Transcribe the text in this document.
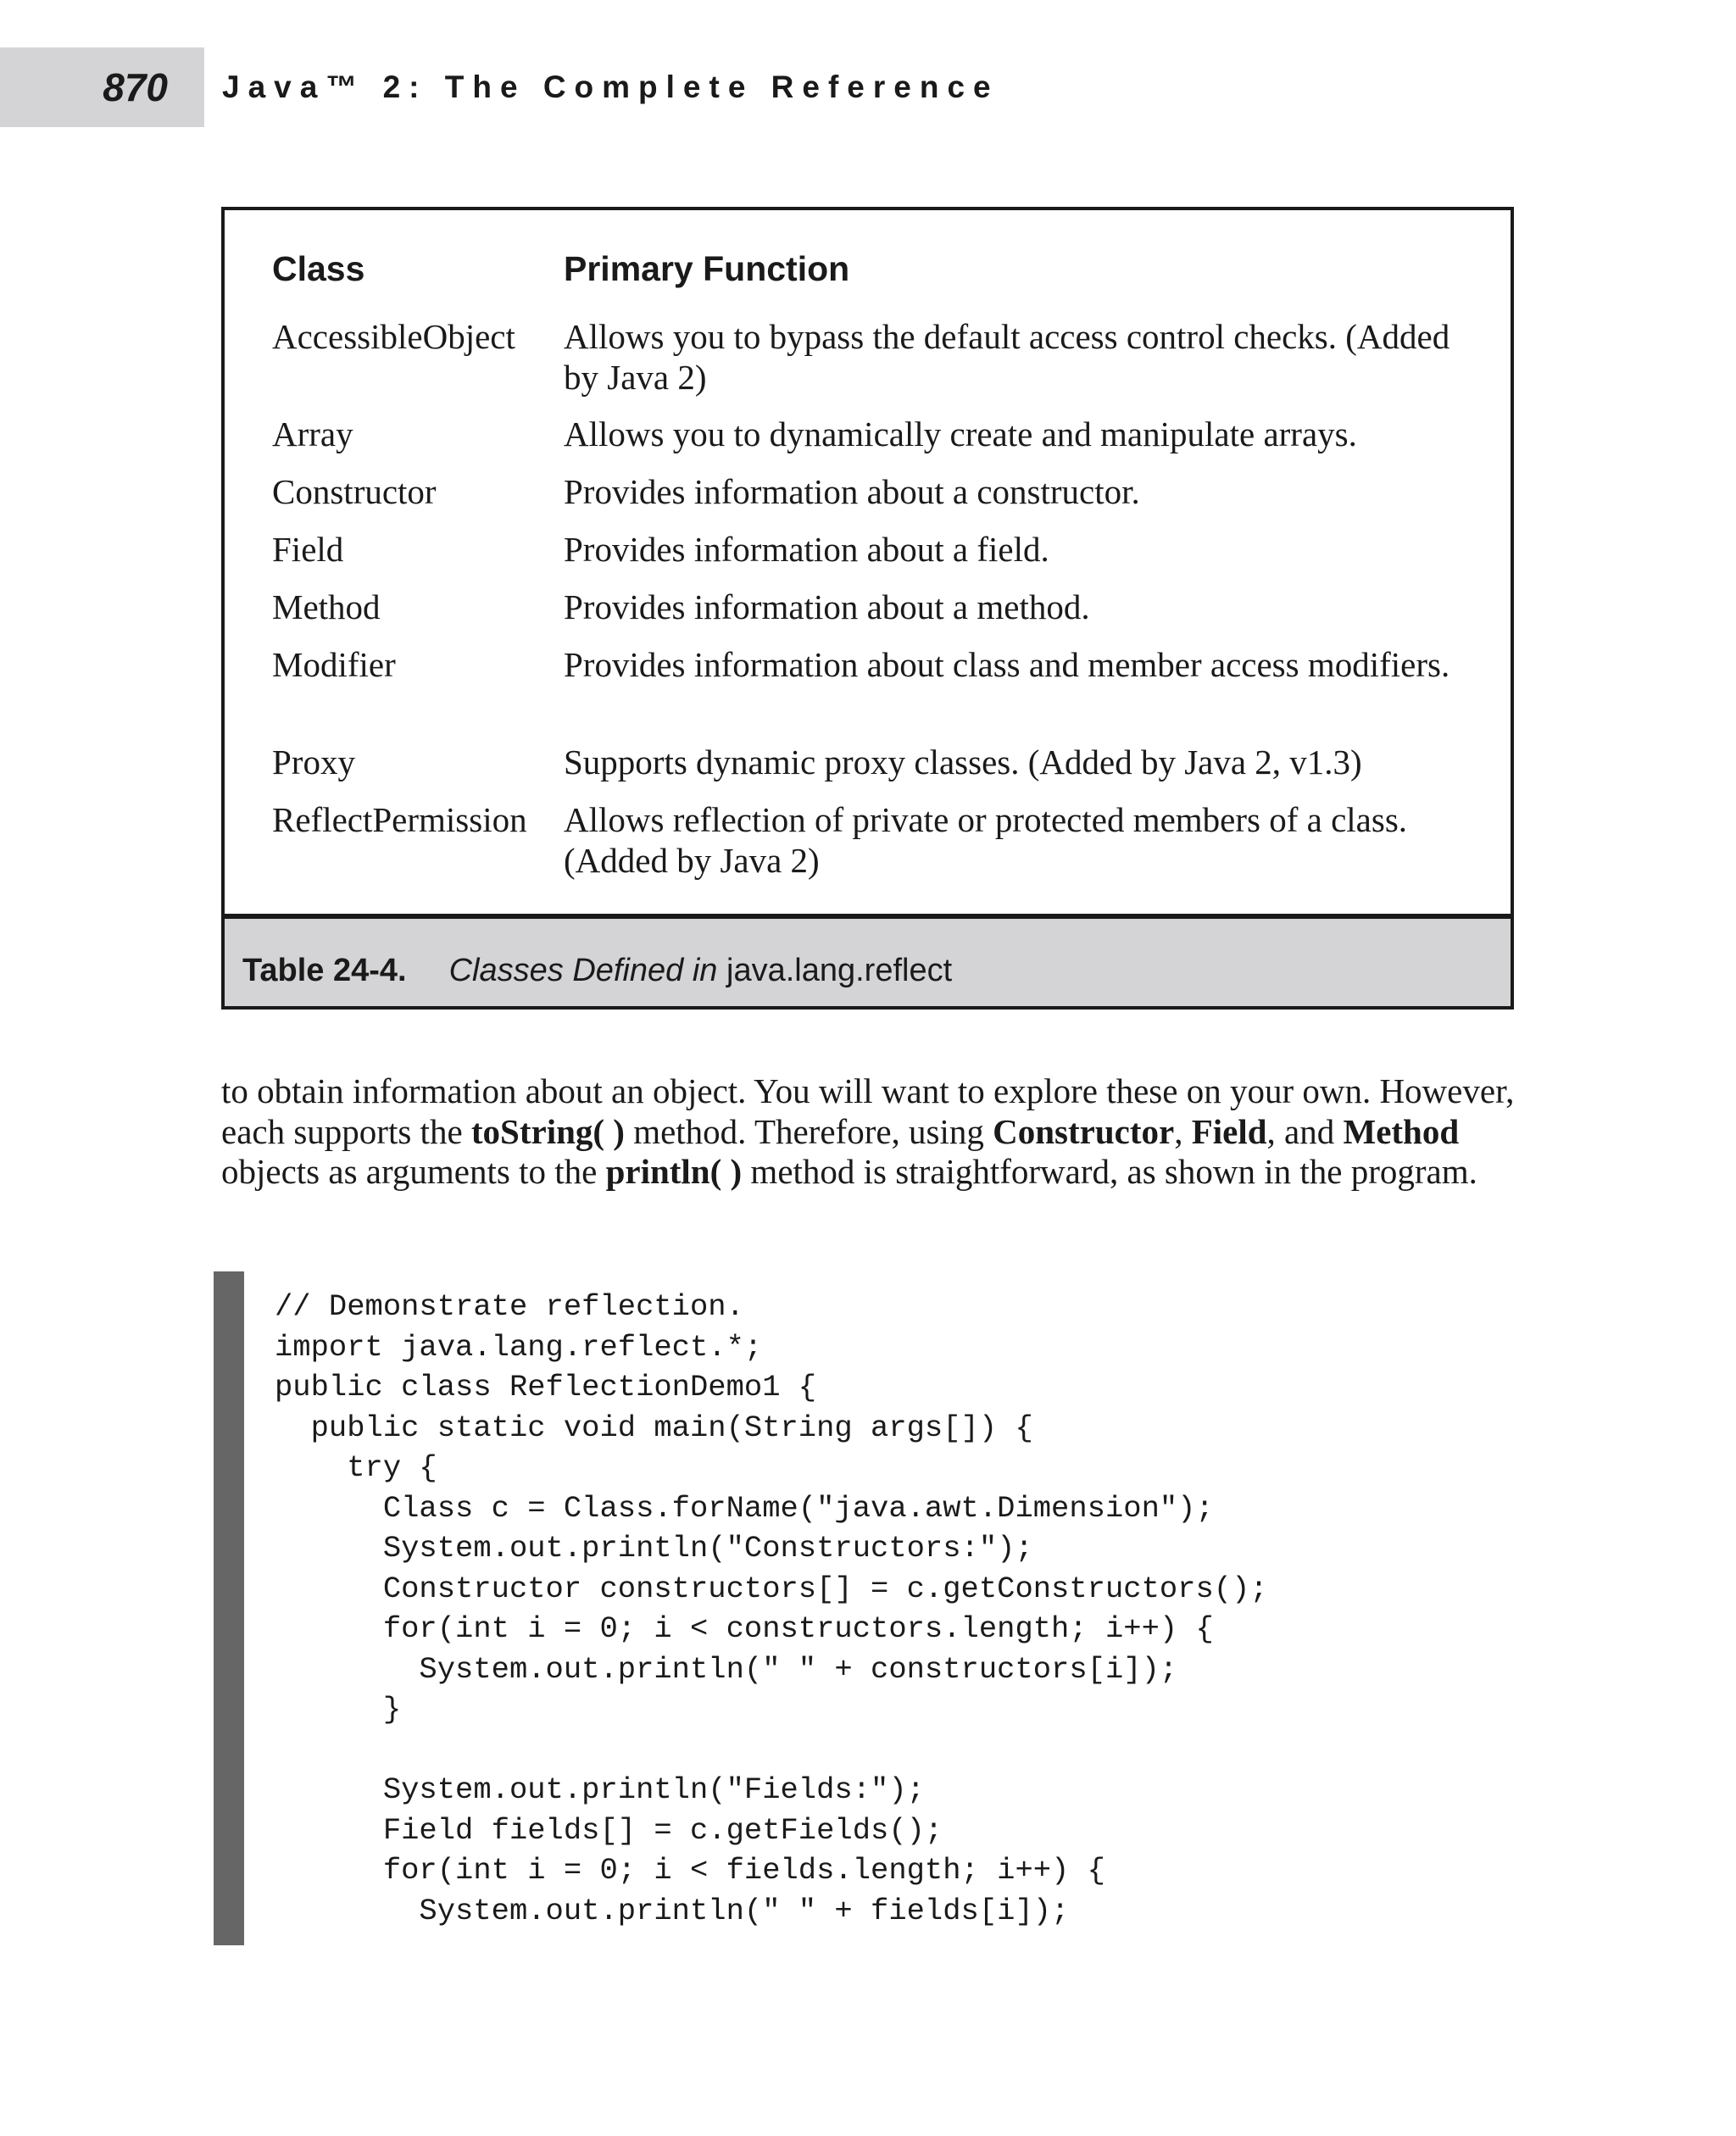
870 Java™ 2: The Complete Reference
Class	Primary Function
AccessibleObject Allows you to bypass the default access control checks. (Added by Java 2)
Array	Allows you to dynamically create and manipulate arrays.
Constructor	Provides information about a constructor.
Field	Provides information about a field.
Method	Provides information about a method.
Modifier	Provides information about class and member access modifiers.
Proxy	Supports dynamic proxy classes. (Added by Java 2, v1.3)
ReflectPermission Allows reflection of private or protected members of a class. (Added by Java 2)
Table 24-4. Classes Defined in java.lang.reflect
to obtain information about an object. You will want to explore these on your own. However, each supports the toString( ) method. Therefore, using Constructor, Field, and Method objects as arguments to the println( ) method is straightforward, as shown in the program.
// Demonstrate reflection.
import java.lang.reflect.*;
public class ReflectionDemo1 {
public static void main(String args[]) {
try {
Class c = Class.forName("java.awt.Dimension");
System.out.println("Constructors:");
Constructor constructors[] = c.getConstructors();
for(int i = 0; i < constructors.length; i++) {
System.out.println(" " + constructors[i]);
}
System.out.println("Fields:");
Field fields[] = c.getFields();
for(int i = 0; i < fields.length; i++) {
System.out.println(" " + fields[i]);
